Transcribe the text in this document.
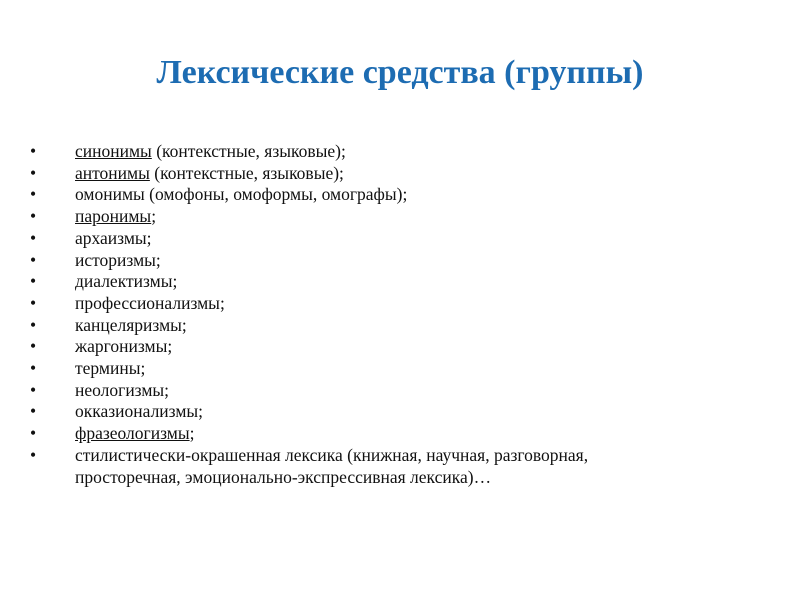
Лексические средства (группы)
• синонимы (контекстные, языковые);
• антонимы (контекстные, языковые);
• омонимы (омофоны, омоформы, омографы);
• паронимы;
• архаизмы;
• историзмы;
• диалектизмы;
• профессионализмы;
• канцеляризмы;
• жаргонизмы;
• термины;
• неологизмы;
• окказионализмы;
• фразеологизмы;
• стилистически-окрашенная лексика (книжная, научная, разговорная, просторечная, эмоционально-экспрессивная лексика)…
